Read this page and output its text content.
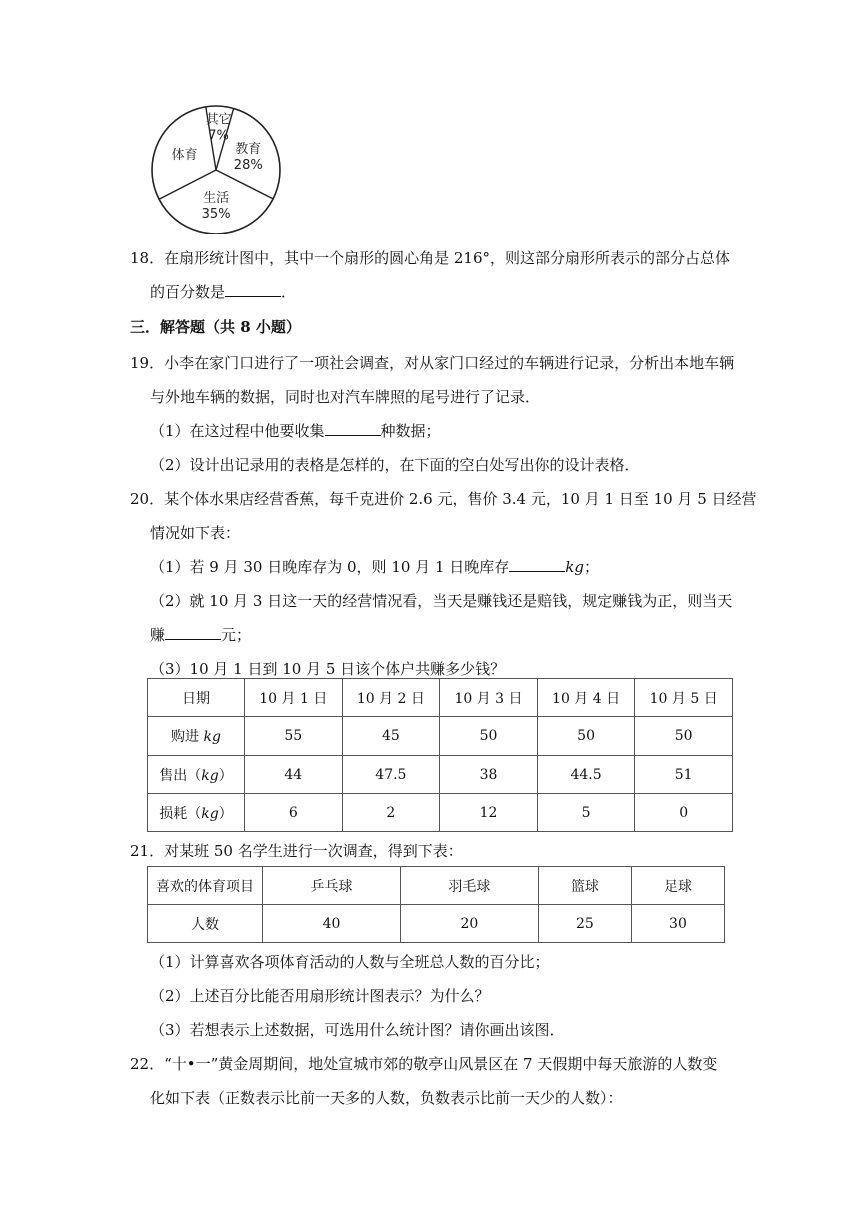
教育
28%
生活
35%
体育
其它
7%
18．在扇形统计图中，其中一个扇形的圆心角是 216°，则这部分扇形所表示的部分占总体
的百分数是	．
三．解答题（共 8 小题）
19．小李在家门口进行了一项社会调查，对从家门口经过的车辆进行记录，分析出本地车辆
与外地车辆的数据，同时也对汽车牌照的尾号进行了记录．
（1）在这过程中他要收集	种数据；
（2）设计出记录用的表格是怎样的，在下面的空白处写出你的设计表格．
20．某个体水果店经营香蕉，每千克进价 2.6 元，售价 3.4 元，10 月 1 日至 10 月 5 日经营
情况如下表：
（1）若 9 月 30 日晚库存为 0，则 10 月 1 日晚库存	kg；
（2）就 10 月 3 日这一天的经营情况看，当天是赚钱还是赔钱，规定赚钱为正，则当天
赚	元；
（3）10 月 1 日到 10 月 5 日该个体户共赚多少钱？
日期	10 月 1 日	10 月 2 日	10 月 3 日	10 月 4 日	10 月 5 日
购进 kg	55	45	50	50	50
售出（kg）	44	47.5	38	44.5	51
损耗（kg）	6	2	12	5	0
21．对某班 50 名学生进行一次调查，得到下表：
喜欢的体育项目	乒乓球	羽毛球	篮球	足球
人数	40	20	25	30
（1）计算喜欢各项体育活动的人数与全班总人数的百分比；
（2）上述百分比能否用扇形统计图表示？为什么？
（3）若想表示上述数据，可选用什么统计图？请你画出该图．
22．“十•一”黄金周期间，地处宣城市郊的敬亭山风景区在 7 天假期中每天旅游的人数变
化如下表（正数表示比前一天多的人数，负数表示比前一天少的人数）：
